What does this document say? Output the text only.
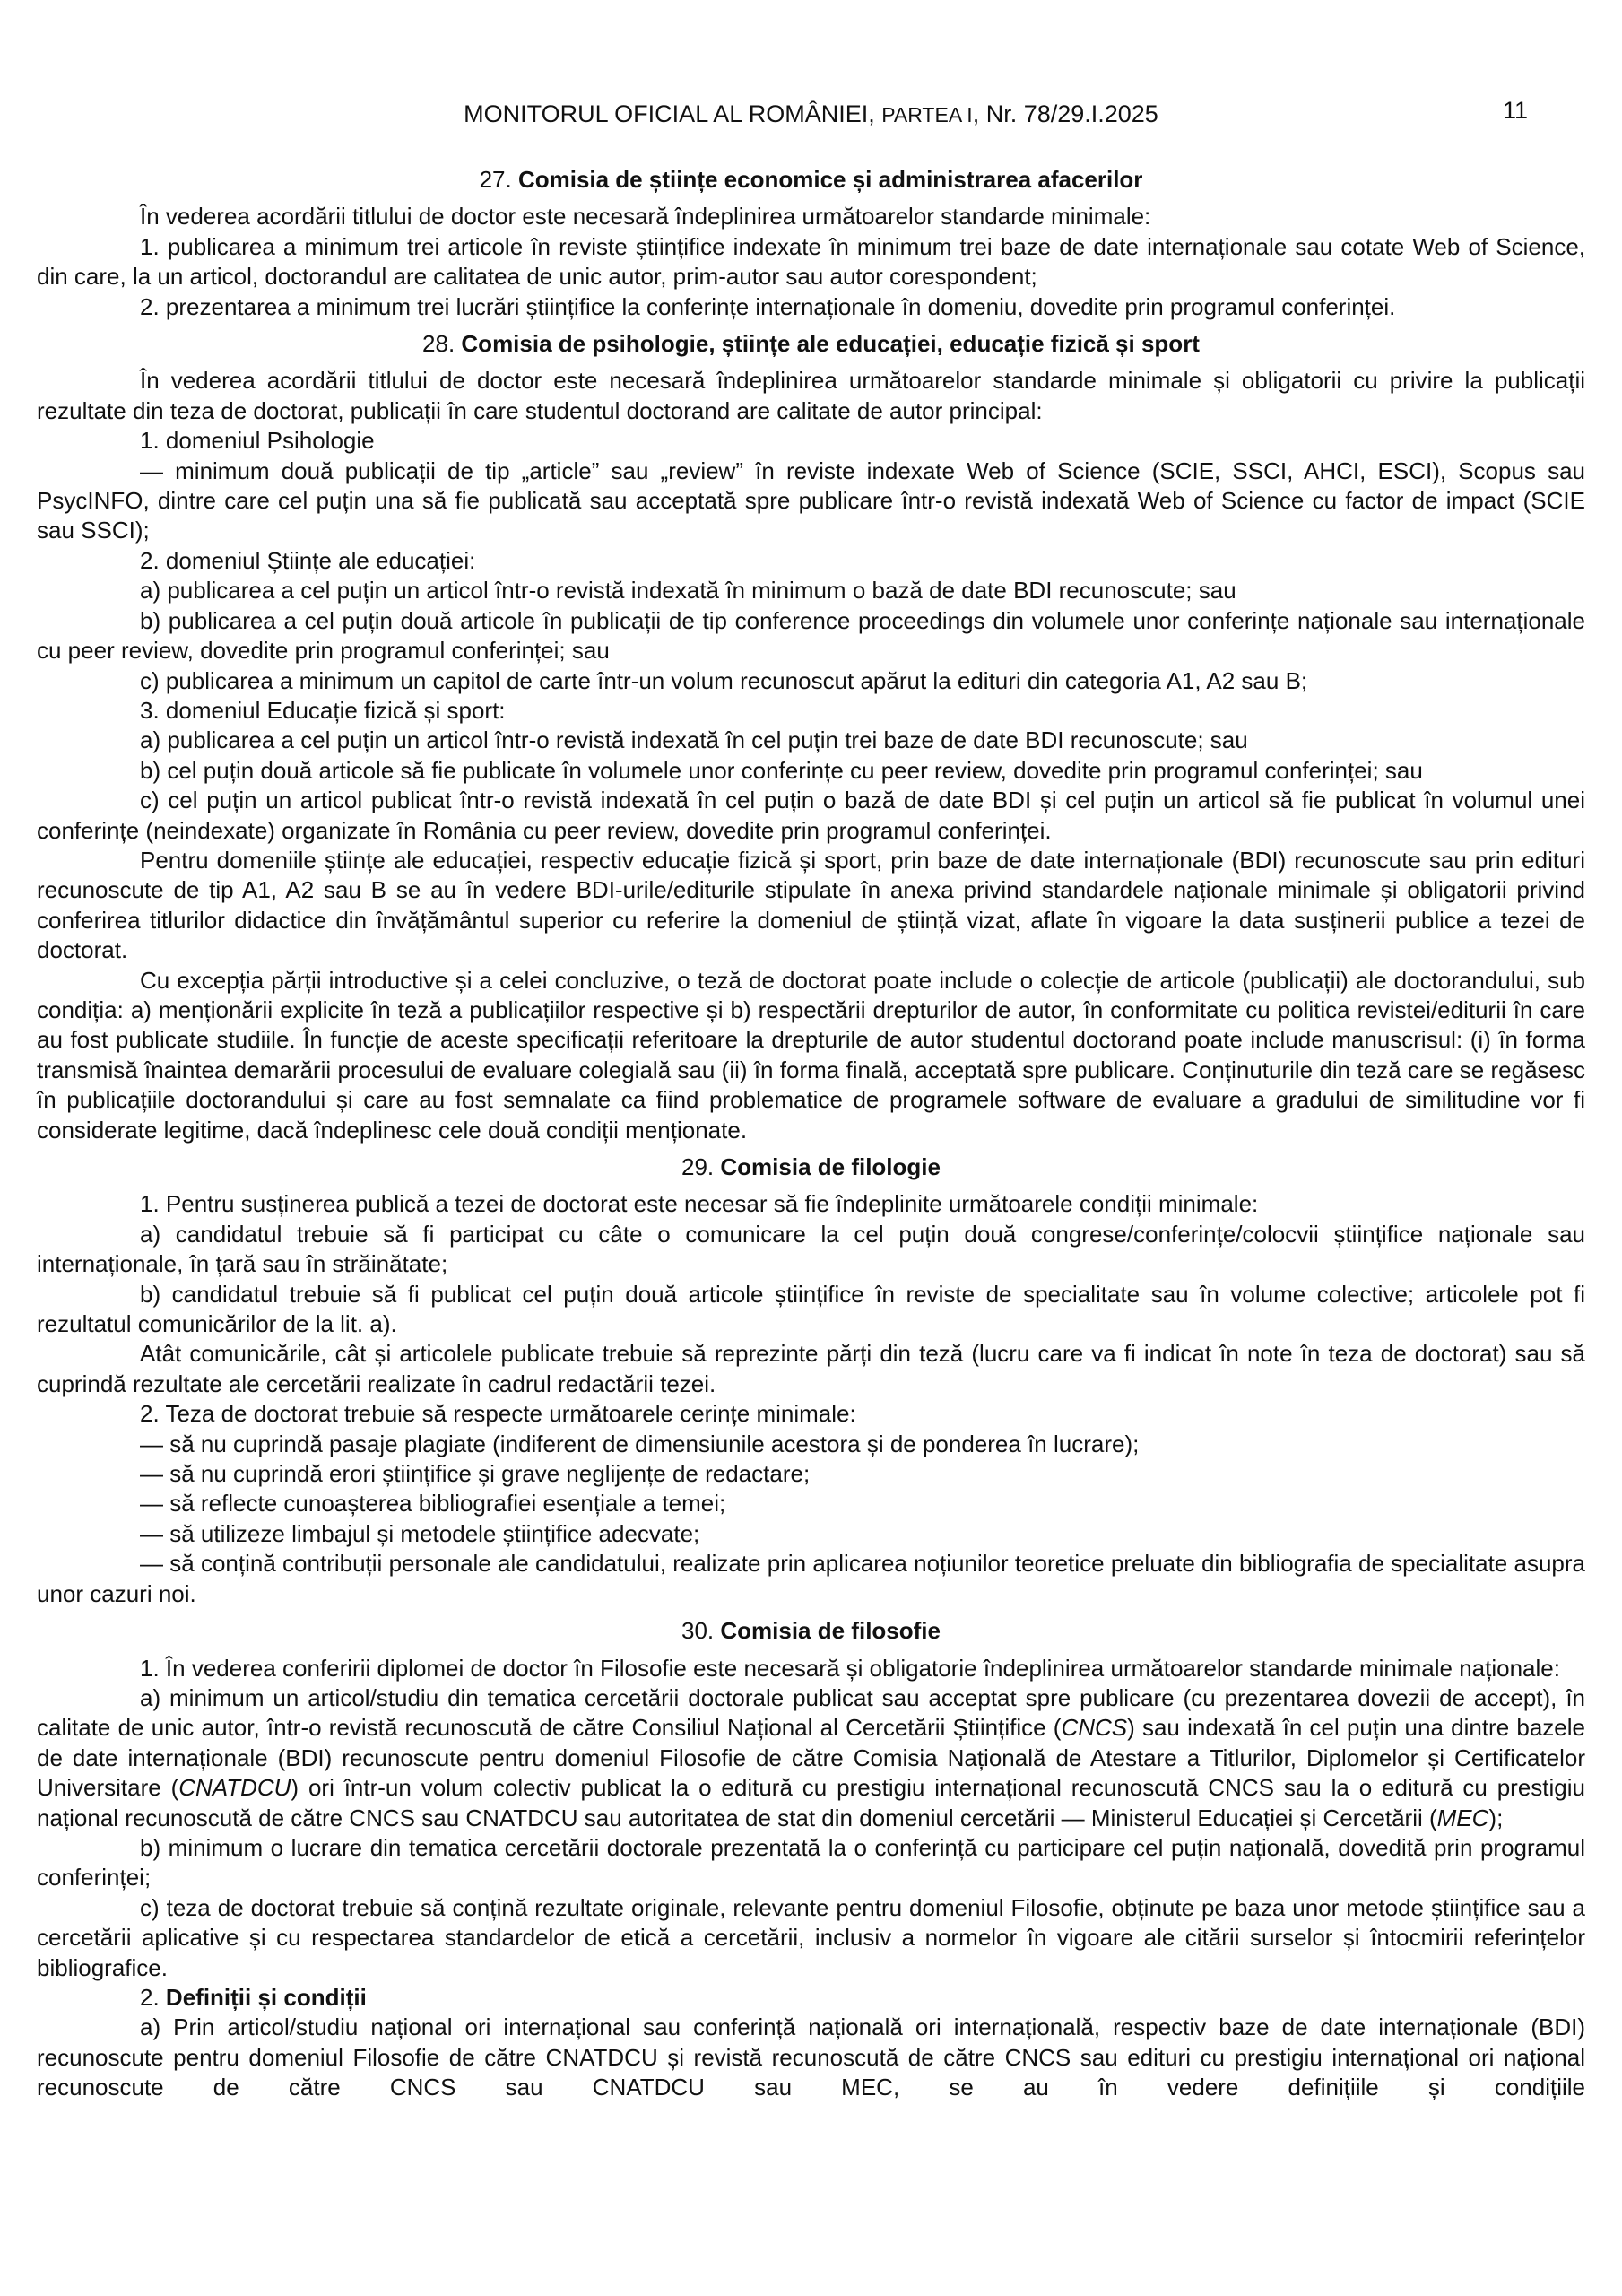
MONITORUL OFICIAL AL ROMÂNIEI, PARTEA I, Nr. 78/29.I.2025	11
27. Comisia de științe economice și administrarea afacerilor

În vederea acordării titlului de doctor este necesară îndeplinirea următoarelor standarde minimale:

1. publicarea a minimum trei articole în reviste științifice indexate în minimum trei baze de date internaționale sau cotate Web of Science, din care, la un articol, doctorandul are calitatea de unic autor, prim-autor sau autor corespondent;

2. prezentarea a minimum trei lucrări științifice la conferințe internaționale în domeniu, dovedite prin programul conferinței.

28. Comisia de psihologie, științe ale educației, educație fizică și sport

În vederea acordării titlului de doctor este necesară îndeplinirea următoarelor standarde minimale și obligatorii cu privire la publicații rezultate din teza de doctorat, publicații în care studentul doctorand are calitate de autor principal:

1. domeniul Psihologie

— minimum două publicații de tip „article” sau „review” în reviste indexate Web of Science (SCIE, SSCI, AHCI, ESCI), Scopus sau PsycINFO, dintre care cel puțin una să fie publicată sau acceptată spre publicare într-o revistă indexată Web of Science cu factor de impact (SCIE sau SSCI);

2. domeniul Științe ale educației:

a) publicarea a cel puțin un articol într-o revistă indexată în minimum o bază de date BDI recunoscute; sau

b) publicarea a cel puțin două articole în publicații de tip conference proceedings din volumele unor conferințe naționale sau internaționale cu peer review, dovedite prin programul conferinței; sau

c) publicarea a minimum un capitol de carte într-un volum recunoscut apărut la edituri din categoria A1, A2 sau B;

3. domeniul Educație fizică și sport:

a) publicarea a cel puțin un articol într-o revistă indexată în cel puțin trei baze de date BDI recunoscute; sau

b) cel puțin două articole să fie publicate în volumele unor conferințe cu peer review, dovedite prin programul conferinței; sau

c) cel puțin un articol publicat într-o revistă indexată în cel puțin o bază de date BDI și cel puțin un articol să fie publicat în volumul unei conferințe (neindexate) organizate în România cu peer review, dovedite prin programul conferinței.

Pentru domeniile științe ale educației, respectiv educație fizică și sport, prin baze de date internaționale (BDI) recunoscute sau prin edituri recunoscute de tip A1, A2 sau B se au în vedere BDI-urile/editurile stipulate în anexa privind standardele naționale minimale și obligatorii privind conferirea titlurilor didactice din învățământul superior cu referire la domeniul de știință vizat, aflate în vigoare la data susținerii publice a tezei de doctorat.

Cu excepția părții introductive și a celei concluzive, o teză de doctorat poate include o colecție de articole (publicații) ale doctorandului, sub condiția: a) menționării explicite în teză a publicațiilor respective și b) respectării drepturilor de autor, în conformitate cu politica revistei/editurii în care au fost publicate studiile. În funcție de aceste specificații referitoare la drepturile de autor studentul doctorand poate include manuscrisul: (i) în forma transmisă înaintea demarării procesului de evaluare colegială sau (ii) în forma finală, acceptată spre publicare. Conținuturile din teză care se regăsesc în publicațiile doctorandului și care au fost semnalate ca fiind problematice de programele software de evaluare a gradului de similitudine vor fi considerate legitime, dacă îndeplinesc cele două condiții menționate.

29. Comisia de filologie

1. Pentru susținerea publică a tezei de doctorat este necesar să fie îndeplinite următoarele condiții minimale:

a) candidatul trebuie să fi participat cu câte o comunicare la cel puțin două congrese/conferințe/colocvii științifice naționale sau internaționale, în țară sau în străinătate;

b) candidatul trebuie să fi publicat cel puțin două articole științifice în reviste de specialitate sau în volume colective; articolele pot fi rezultatul comunicărilor de la lit. a).

Atât comunicările, cât și articolele publicate trebuie să reprezinte părți din teză (lucru care va fi indicat în note în teza de doctorat) sau să cuprindă rezultate ale cercetării realizate în cadrul redactării tezei.

2. Teza de doctorat trebuie să respecte următoarele cerințe minimale:

— să nu cuprindă pasaje plagiate (indiferent de dimensiunile acestora și de ponderea în lucrare);

— să nu cuprindă erori științifice și grave neglijențe de redactare;

— să reflecte cunoașterea bibliografiei esențiale a temei;

— să utilizeze limbajul și metodele științifice adecvate;

— să conțină contribuții personale ale candidatului, realizate prin aplicarea noțiunilor teoretice preluate din bibliografia de specialitate asupra unor cazuri noi.

30. Comisia de filosofie

1. În vederea conferirii diplomei de doctor în Filosofie este necesară și obligatorie îndeplinirea următoarelor standarde minimale naționale:

a) minimum un articol/studiu din tematica cercetării doctorale publicat sau acceptat spre publicare (cu prezentarea dovezii de accept), în calitate de unic autor, într-o revistă recunoscută de către Consiliul Național al Cercetării Științifice (CNCS) sau indexată în cel puțin una dintre bazele de date internaționale (BDI) recunoscute pentru domeniul Filosofie de către Comisia Națională de Atestare a Titlurilor, Diplomelor și Certificatelor Universitare (CNATDCU) ori într-un volum colectiv publicat la o editură cu prestigiu internațional recunoscută CNCS sau la o editură cu prestigiu național recunoscută de către CNCS sau CNATDCU sau autoritatea de stat din domeniul cercetării — Ministerul Educației și Cercetării (MEC);

b) minimum o lucrare din tematica cercetării doctorale prezentată la o conferință cu participare cel puțin națională, dovedită prin programul conferinței;

c) teza de doctorat trebuie să conțină rezultate originale, relevante pentru domeniul Filosofie, obținute pe baza unor metode științifice sau a cercetării aplicative și cu respectarea standardelor de etică a cercetării, inclusiv a normelor în vigoare ale citării surselor și întocmirii referințelor bibliografice.

2. Definiții și condiții

a) Prin articol/studiu național ori internațional sau conferință națională ori internațională, respectiv baze de date internaționale (BDI) recunoscute pentru domeniul Filosofie de către CNATDCU și revistă recunoscută de către CNCS sau edituri cu prestigiu internațional ori național recunoscute de către CNCS sau CNATDCU sau MEC, se au în vedere definițiile și condițiile
